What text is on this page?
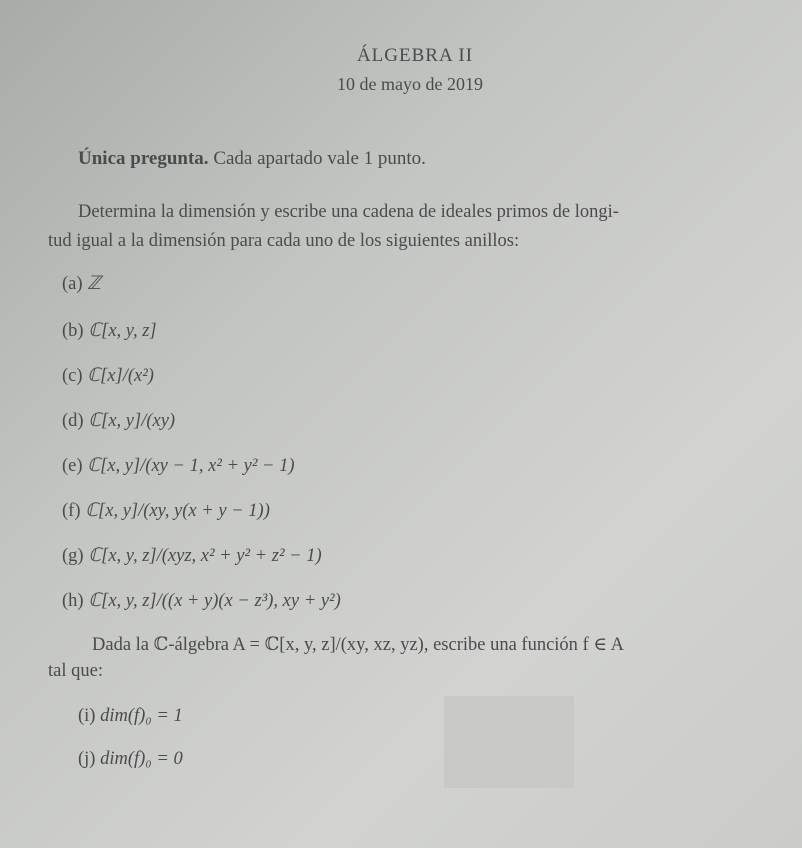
ÁLGEBRA II
10 de mayo de 2019
Única pregunta. Cada apartado vale 1 punto.
Determina la dimensión y escribe una cadena de ideales primos de longi-
tud igual a la dimensión para cada uno de los siguientes anillos:
(a) ℤ
(b) ℂ[x, y, z]
(c) ℂ[x]/(x²)
(d) ℂ[x, y]/(xy)
(e) ℂ[x, y]/(xy − 1, x² + y² − 1)
(f) ℂ[x, y]/(xy, y(x + y − 1))
(g) ℂ[x, y, z]/(xyz, x² + y² + z² − 1)
(h) ℂ[x, y, z]/((x + y)(x − z³), xy + y²)
Dada la ℂ-álgebra A = ℂ[x, y, z]/(xy, xz, yz), escribe una función f ∈ A
tal que:
(i) dim(f)₀ = 1
(j) dim(f)₀ = 0
